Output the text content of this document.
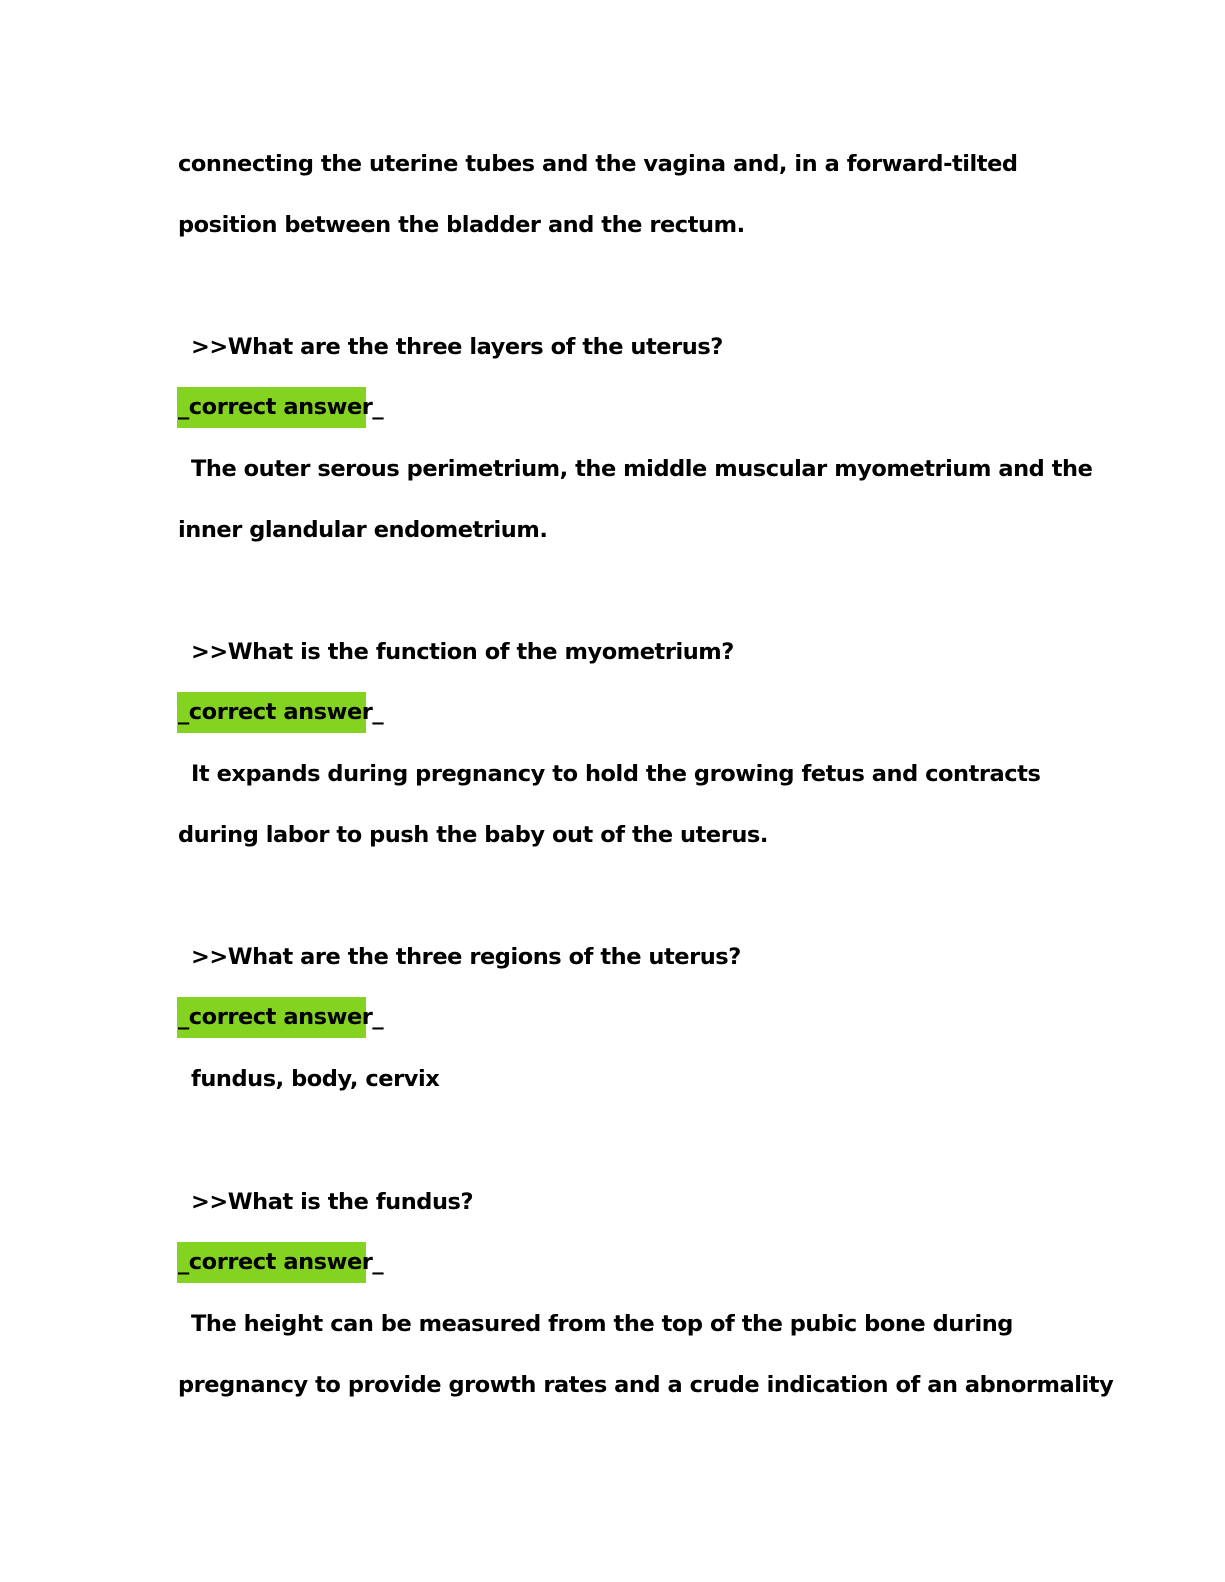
connecting the uterine tubes and the vagina and, in a forward-tilted
position between the bladder and the rectum.
>>What are the three layers of the uterus?
_correct answer_
The outer serous perimetrium, the middle muscular myometrium and the
inner glandular endometrium.
>>What is the function of the myometrium?
_correct answer_
It expands during pregnancy to hold the growing fetus and contracts
during labor to push the baby out of the uterus.
>>What are the three regions of the uterus?
_correct answer_
fundus, body, cervix
>>What is the fundus?
_correct answer_
The height can be measured from the top of the pubic bone during
pregnancy to provide growth rates and a crude indication of an abnormality
